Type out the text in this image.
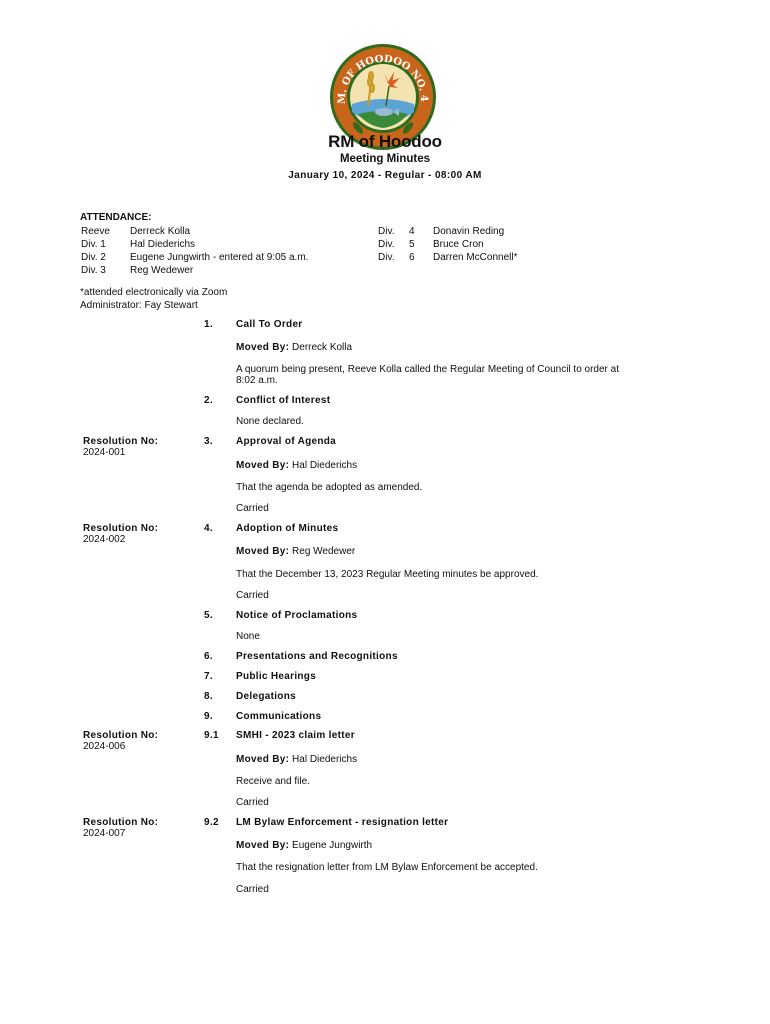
M. OF HOODOO NO. 4
RM of Hoodoo
Meeting Minutes
January 10, 2024 - Regular - 08:00 AM
ATTENDANCE:
Reeve Derreck Kolla
Div. 1 Hal Diederichs
Div. 2 Eugene Jungwirth - entered at 9:05 a.m.
Div. 3 Reg Wedewer
Div. 4 Donavin Reding
Div. 5 Bruce Cron
Div. 6 Darren McConnell*
*attended electronically via Zoom
Administrator: Fay Stewart
1. Call To Order
Moved By: Derreck Kolla
A quorum being present, Reeve Kolla called the Regular Meeting of Council to order at
8:02 a.m.
2. Conflict of Interest
None declared.
Resolution No:
2024-001
3. Approval of Agenda
Moved By: Hal Diederichs
That the agenda be adopted as amended.
Carried
Resolution No:
2024-002
4. Adoption of Minutes
Moved By: Reg Wedewer
That the December 13, 2023 Regular Meeting minutes be approved.
Carried
5. Notice of Proclamations
None
6. Presentations and Recognitions
7. Public Hearings
8. Delegations
9. Communications
Resolution No:
2024-006
9.1 SMHI - 2023 claim letter
Moved By: Hal Diederichs
Receive and file.
Carried
Resolution No:
2024-007
9.2 LM Bylaw Enforcement - resignation letter
Moved By: Eugene Jungwirth
That the resignation letter from LM Bylaw Enforcement be accepted.
Carried
